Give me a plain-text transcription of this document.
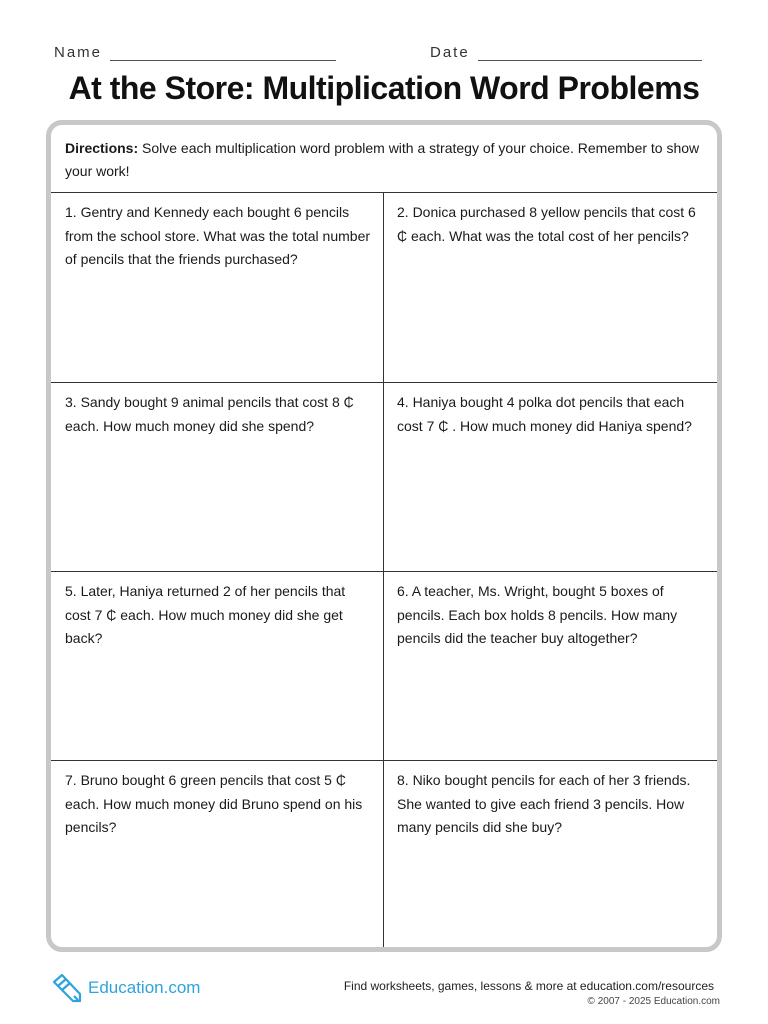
Name	Date
At the Store: Multiplication Word Problems
Directions: Solve each multiplication word problem with a strategy of your choice. Remember to show your work!
1. Gentry and Kennedy each bought 6 pencils from the school store. What was the total number of pencils that the friends purchased?
2. Donica purchased 8 yellow pencils that cost 6 ₵ each. What was the total cost of her pencils?
3. Sandy bought 9 animal pencils that cost 8 ₵ each. How much money did she spend?
4. Haniya bought 4 polka dot pencils that each cost 7 ₵ . How much money did Haniya spend?
5. Later, Haniya returned 2 of her pencils that cost 7 ₵ each. How much money did she get back?
6. A teacher, Ms. Wright, bought 5 boxes of pencils. Each box holds 8 pencils. How many pencils did the teacher buy altogether?
7. Bruno bought 6 green pencils that cost 5 ₵ each. How much money did Bruno spend on his pencils?
8. Niko bought pencils for each of her 3 friends. She wanted to give each friend 3 pencils. How many pencils did she buy?
Education.com	Find worksheets, games, lessons & more at education.com/resources
© 2007 - 2025 Education.com
